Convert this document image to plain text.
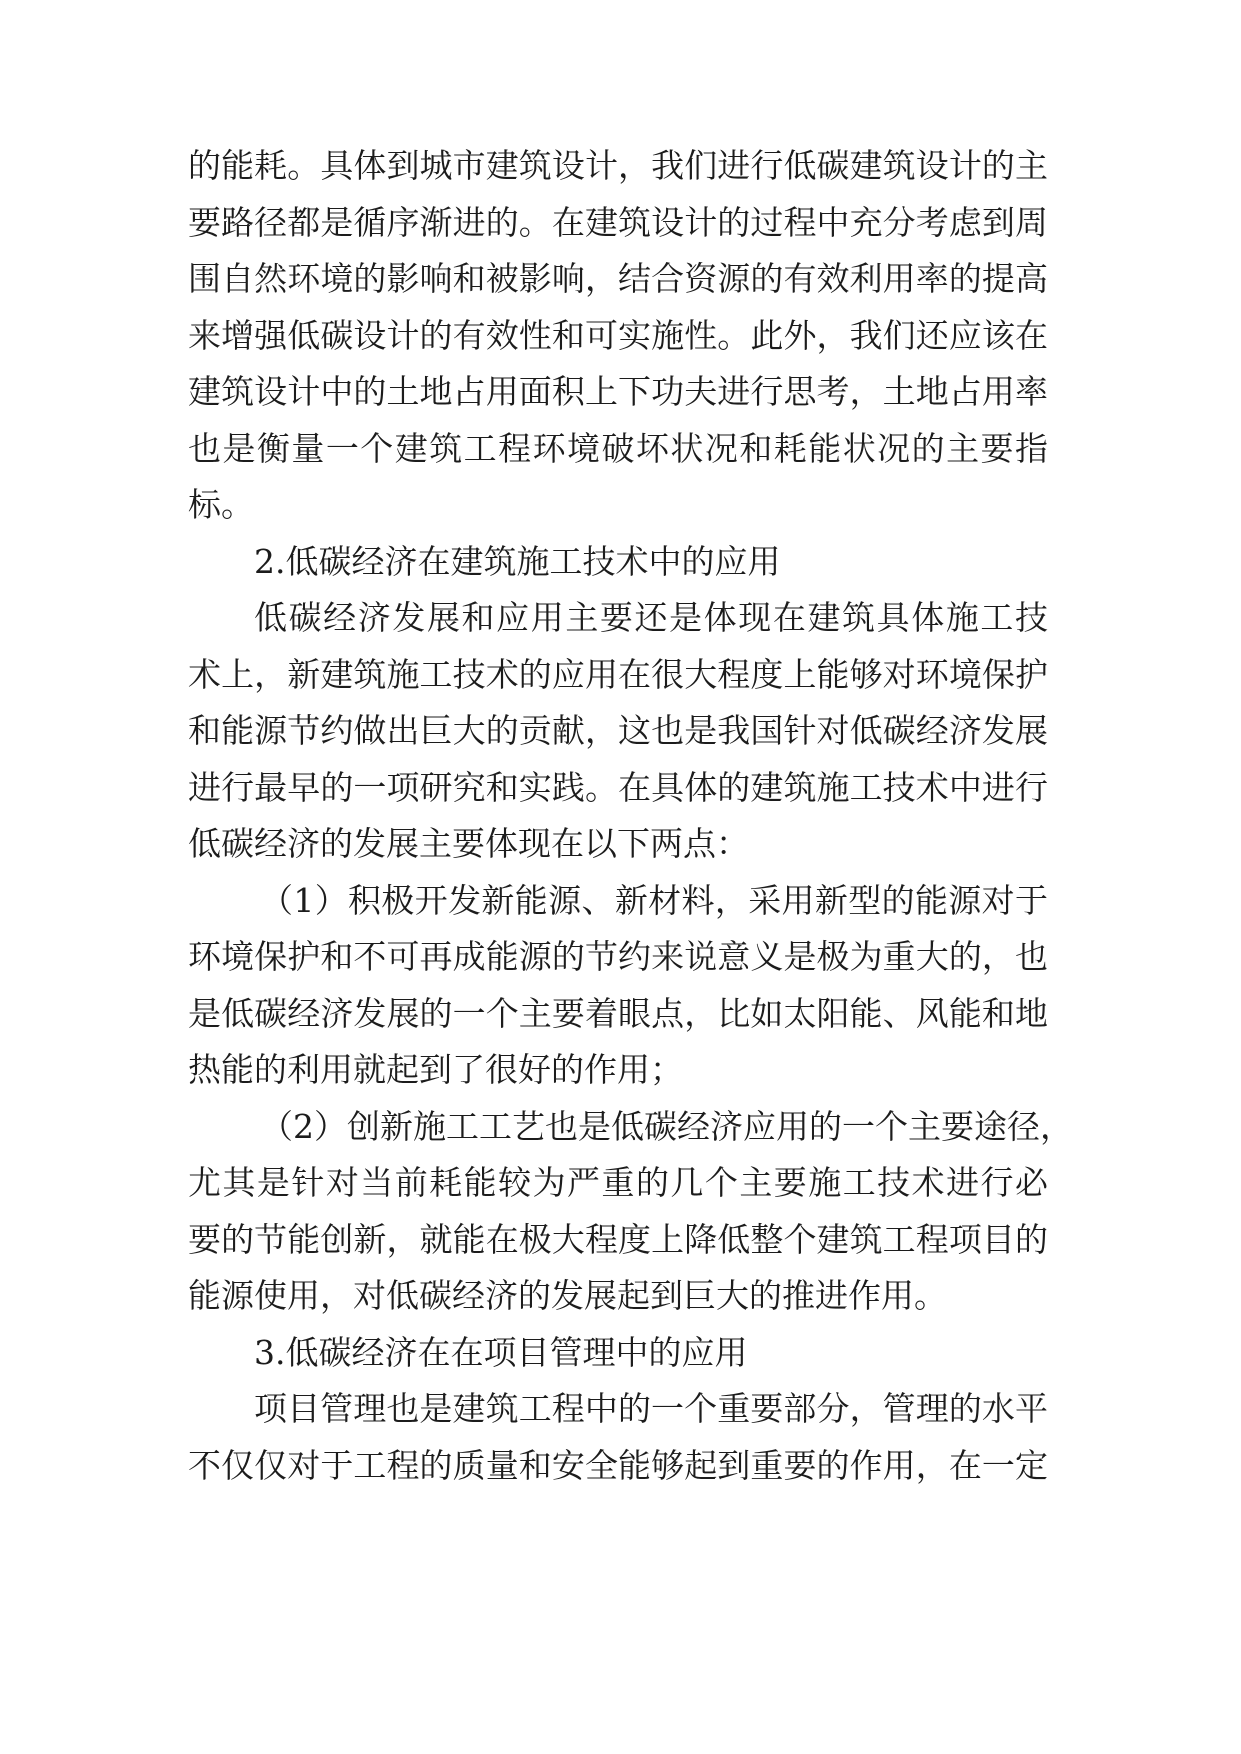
的能耗。具体到城市建筑设计，我们进行低碳建筑设计的主
要路径都是循序渐进的。在建筑设计的过程中充分考虑到周
围自然环境的影响和被影响，结合资源的有效利用率的提高
来增强低碳设计的有效性和可实施性。此外，我们还应该在
建筑设计中的土地占用面积上下功夫进行思考，土地占用率
也是衡量一个建筑工程环境破坏状况和耗能状况的主要指
标。
2.低碳经济在建筑施工技术中的应用
低碳经济发展和应用主要还是体现在建筑具体施工技
术上，新建筑施工技术的应用在很大程度上能够对环境保护
和能源节约做出巨大的贡献，这也是我国针对低碳经济发展
进行最早的一项研究和实践。在具体的建筑施工技术中进行
低碳经济的发展主要体现在以下两点：
（1）积极开发新能源、新材料，采用新型的能源对于
环境保护和不可再成能源的节约来说意义是极为重大的，也
是低碳经济发展的一个主要着眼点，比如太阳能、风能和地
热能的利用就起到了很好的作用；
（2）创新施工工艺也是低碳经济应用的一个主要途径，
尤其是针对当前耗能较为严重的几个主要施工技术进行必
要的节能创新，就能在极大程度上降低整个建筑工程项目的
能源使用，对低碳经济的发展起到巨大的推进作用。
3.低碳经济在在项目管理中的应用
项目管理也是建筑工程中的一个重要部分，管理的水平
不仅仅对于工程的质量和安全能够起到重要的作用，在一定
